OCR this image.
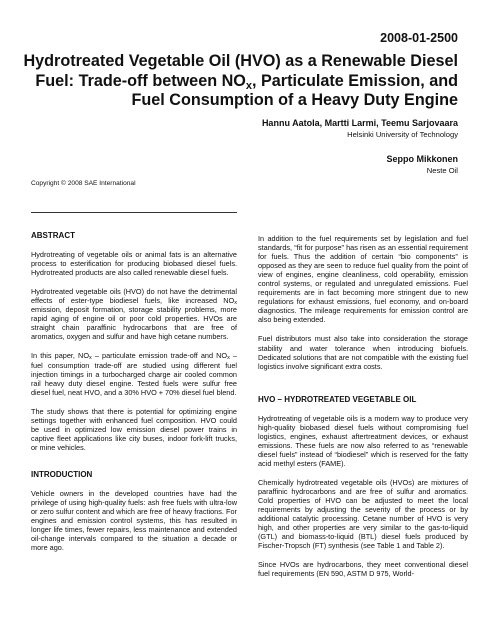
2008-01-2500
Hydrotreated Vegetable Oil (HVO) as a Renewable Diesel Fuel: Trade-off between $NO_x$, Particulate Emission, and Fuel Consumption of a Heavy Duty Engine
Hannu Aatola, Martti Larmi, Teemu Sarjovaara
Helsinki University of Technology
Seppo Mikkonen
Neste Oil
Copyright © 2008 SAE International
ABSTRACT

Hydrotreating of vegetable oils or animal fats is an alternative process to esterification for producing biobased diesel fuels. Hydrotreated products are also called renewable diesel fuels.

Hydrotreated vegetable oils (HVO) do not have the detrimental effects of ester-type biodiesel fuels, like increased $NO_x$ emission, deposit formation, storage stability problems, more rapid aging of engine oil or poor cold properties. HVOs are straight chain paraffinic hydrocarbons that are free of aromatics, oxygen and sulfur and have high cetane numbers.

In this paper, $NO_x$ – particulate emission trade-off and $NO_x$ – fuel consumption trade-off are studied using different fuel injection timings in a turbocharged charge air cooled common rail heavy duty diesel engine. Tested fuels were sulfur free diesel fuel, neat HVO, and a 30% HVO + 70% diesel fuel blend.

The study shows that there is potential for optimizing engine settings together with enhanced fuel composition. HVO could be used in optimized low emission diesel power trains in captive fleet applications like city buses, indoor fork-lift trucks, or mine vehicles.

INTRODUCTION

Vehicle owners in the developed countries have had the privilege of using high-quality fuels: ash free fuels with ultra-low or zero sulfur content and which are free of heavy fractions. For engines and emission control systems, this has resulted in longer life times, fewer repairs, less maintenance and extended oil-change intervals compared to the situation a decade or more ago.

In addition to the fuel requirements set by legislation and fuel standards, “fit for purpose” has risen as an essential requirement for fuels. Thus the addition of certain “bio components” is opposed as they are seen to reduce fuel quality from the point of view of engines, engine cleanliness, cold operability, emission control systems, or regulated and unregulated emissions. Fuel requirements are in fact becoming more stringent due to new regulations for exhaust emissions, fuel economy, and on-board diagnostics. The mileage requirements for emission control are also being extended.

Fuel distributors must also take into consideration the storage stability and water tolerance when introducing biofuels. Dedicated solutions that are not compatible with the existing fuel logistics involve significant extra costs.

HVO – HYDROTREATED VEGETABLE OIL

Hydrotreating of vegetable oils is a modern way to produce very high-quality biobased diesel fuels without compromising fuel logistics, engines, exhaust aftertreatment devices, or exhaust emissions. These fuels are now also referred to as “renewable diesel fuels” instead of “biodiesel” which is reserved for the fatty acid methyl esters (FAME).

Chemically hydrotreated vegetable oils (HVOs) are mixtures of paraffinic hydrocarbons and are free of sulfur and aromatics. Cold properties of HVO can be adjusted to meet the local requirements by adjusting the severity of the process or by additional catalytic processing. Cetane number of HVO is very high, and other properties are very similar to the gas-to-liquid (GTL) and biomass-to-liquid (BTL) diesel fuels produced by Fischer-Tropsch (FT) synthesis (see Table 1 and Table 2).

Since HVOs are hydrocarbons, they meet conventional diesel fuel requirements (EN 590, ASTM D 975, World-
